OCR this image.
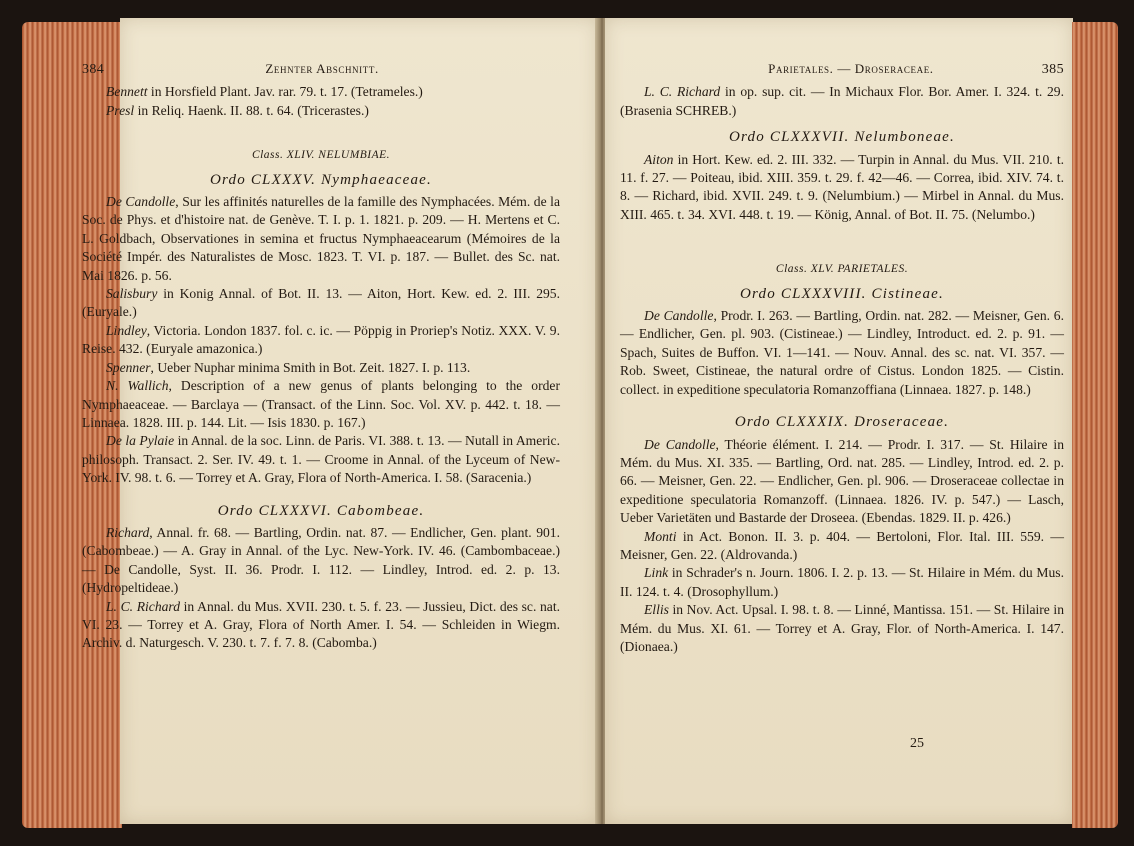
384	Zehnter Abschnitt.

Bennett in Horsfield Plant. Jav. rar. 79. t. 17. (Tetrameles.)

Presl in Reliq. Haenk. II. 88. t. 64. (Tricerastes.)

Class. XLIV. NELUMBIAE.
Ordo CLXXXV. Nymphaeaceae.

De Candolle, Sur les affinités naturelles de la famille des Nymphacées. Mém. de la Soc. de Phys. et d'histoire nat. de Genève. T. I. p. 1. 1821. p. 209. — H. Mertens et C. L. Goldbach, Observationes in semina et fructus Nymphaeacearum (Mémoires de la Société Impér. des Naturalistes de Mosc. 1823. T. VI. p. 187. — Bullet. des Sc. nat. Mai 1826. p. 56.

Salisbury in Konig Annal. of Bot. II. 13. — Aiton, Hort. Kew. ed. 2. III. 295. (Euryale.)

Lindley, Victoria. London 1837. fol. c. ic. — Pöppig in Proriep's Notiz. XXX. V. 9. Reise. 432. (Euryale amazonica.)

Spenner, Ueber Nuphar minima Smith in Bot. Zeit. 1827. I. p. 113.

N. Wallich, Description of a new genus of plants belonging to the order Nymphaeaceae. — Barclaya — (Transact. of the Linn. Soc. Vol. XV. p. 442. t. 18. — Linnaea. 1828. III. p. 144. Lit. — Isis 1830. p. 167.)

De la Pylaie in Annal. de la soc. Linn. de Paris. VI. 388. t. 13. — Nutall in Americ. philosoph. Transact. 2. Ser. IV. 49. t. 1. — Croome in Annal. of the Lyceum of New-York. IV. 98. t. 6. — Torrey et A. Gray, Flora of North-America. I. 58. (Saracenia.)

Ordo CLXXXVI. Cabombeae.

Richard, Annal. fr. 68. — Bartling, Ordin. nat. 87. — Endlicher, Gen. plant. 901. (Cabombeae.) — A. Gray in Annal. of the Lyc. New-York. IV. 46. (Cambombaceae.) — De Candolle, Syst. II. 36. Prodr. I. 112. — Lindley, Introd. ed. 2. p. 13. (Hydropeltideae.)

L. C. Richard in Annal. du Mus. XVII. 230. t. 5. f. 23. — Jussieu, Dict. des sc. nat. VI. 23. — Torrey et A. Gray, Flora of North Amer. I. 54. — Schleiden in Wiegm. Archiv. d. Naturgesch. V. 230. t. 7. f. 7. 8. (Cabomba.)

Parietales. — Droseraceae.	385

L. C. Richard in op. sup. cit. — In Michaux Flor. Bor. Amer. I. 324. t. 29. (Brasenia SCHREB.)

Ordo CLXXXVII. Nelumboneae.

Aiton in Hort. Kew. ed. 2. III. 332. — Turpin in Annal. du Mus. VII. 210. t. 11. f. 27. — Poiteau, ibid. XIII. 359. t. 29. f. 42—46. — Correa, ibid. XIV. 74. t. 8. — Richard, ibid. XVII. 249. t. 9. (Nelumbium.) — Mirbel in Annal. du Mus. XIII. 465. t. 34. XVI. 448. t. 19. — König, Annal. of Bot. II. 75. (Nelumbo.)

Class. XLV. PARIETALES.
Ordo CLXXXVIII. Cistineae.

De Candolle, Prodr. I. 263. — Bartling, Ordin. nat. 282. — Meisner, Gen. 6. — Endlicher, Gen. pl. 903. (Cistineae.) — Lindley, Introduct. ed. 2. p. 91. — Spach, Suites de Buffon. VI. 1—141. — Nouv. Annal. des sc. nat. VI. 357. — Rob. Sweet, Cistineae, the natural ordre of Cistus. London 1825. — Cistin. collect. in expeditione speculatoria Romanzoffiana (Linnaea. 1827. p. 148.)

Ordo CLXXXIX. Droseraceae.

De Candolle, Théorie élément. I. 214. — Prodr. I. 317. — St. Hilaire in Mém. du Mus. XI. 335. — Bartling, Ord. nat. 285. — Lindley, Introd. ed. 2. p. 66. — Meisner, Gen. 22. — Endlicher, Gen. pl. 906. — Droseraceae collectae in expeditione speculatoria Romanzoff. (Linnaea. 1826. IV. p. 547.) — Lasch, Ueber Varietäten und Bastarde der Droseea. (Ebendas. 1829. II. p. 426.)

Monti in Act. Bonon. II. 3. p. 404. — Bertoloni, Flor. Ital. III. 559. — Meisner, Gen. 22. (Aldrovanda.)

Link in Schrader's n. Journ. 1806. I. 2. p. 13. — St. Hilaire in Mém. du Mus. II. 124. t. 4. (Drosophyllum.)

Ellis in Nov. Act. Upsal. I. 98. t. 8. — Linné, Mantissa. 151. — St. Hilaire in Mém. du Mus. XI. 61. — Torrey et A. Gray, Flor. of North-America. I. 147. (Dionaea.)

25
